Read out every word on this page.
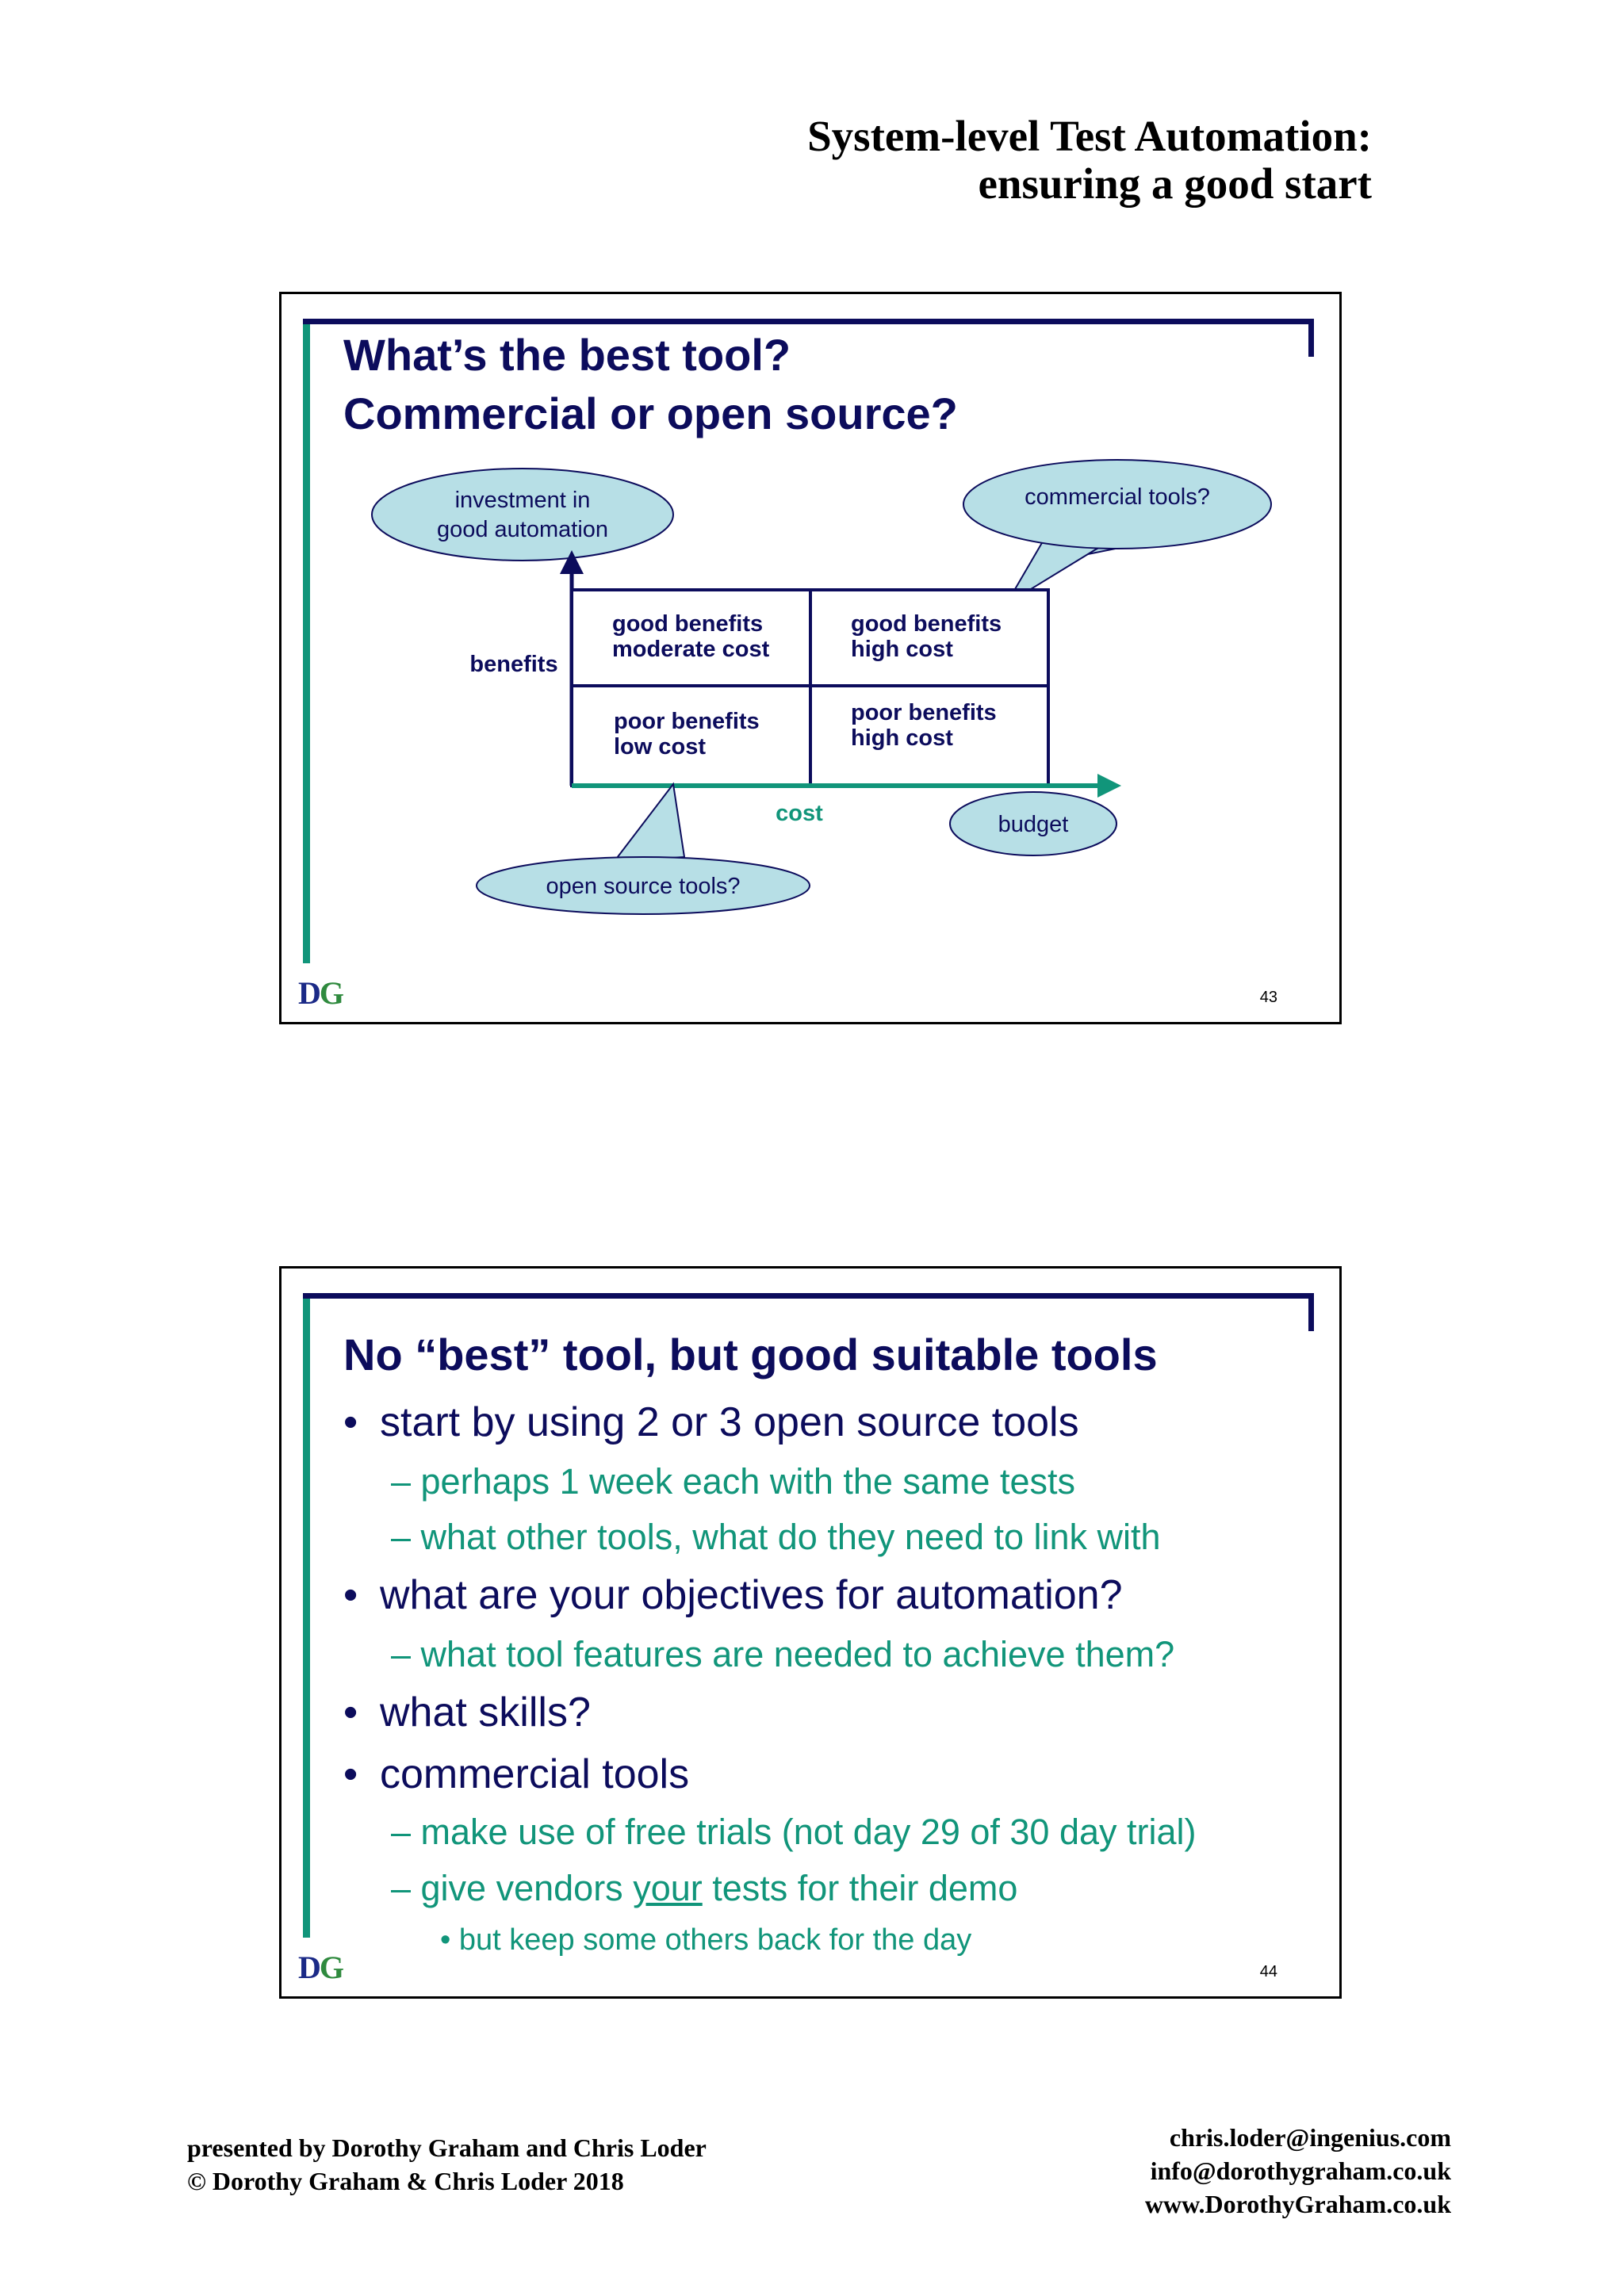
System-level Test Automation:
ensuring a good start
What’s the best tool?
Commercial or open source?
investment in
good automation
commercial tools?
benefits
cost
good benefits
moderate cost
good benefits
high cost
poor benefits
low cost
poor benefits
high cost
budget
open source tools?
DG	43
No “best” tool, but good suitable tools
• start by using 2 or 3 open source tools
– perhaps 1 week each with the same tests
– what other tools, what do they need to link with
• what are your objectives for automation?
– what tool features are needed to achieve them?
• what skills?
• commercial tools
– make use of free trials (not day 29 of 30 day trial)
– give vendors your tests for their demo
• but keep some others back for the day
DG	44
presented by Dorothy Graham and Chris Loder
© Dorothy Graham & Chris Loder 2018
chris.loder@ingenius.com
info@dorothygraham.co.uk
www.DorothyGraham.co.uk
